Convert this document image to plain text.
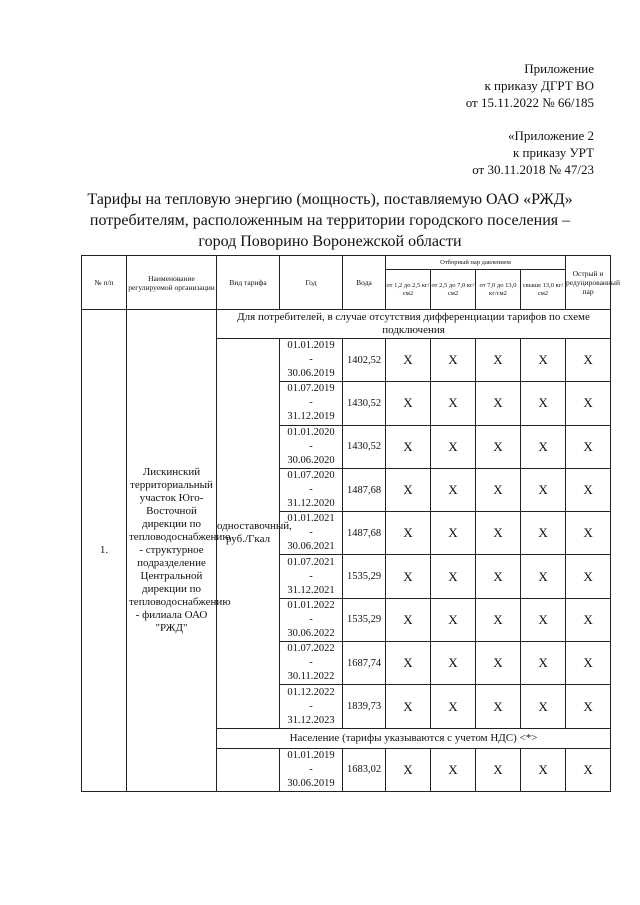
Приложение
к приказу ДГРТ ВО
от 15.11.2022 № 66/185
«Приложение 2
к приказу УРТ
от 30.11.2018 № 47/23
Тарифы на тепловую энергию (мощность), поставляемую ОАО «РЖД» потребителям, расположенным на территории городского поселения – город Поворино Воронежской области
№ п/п	Наименование регулируемой организации	Вид тарифа	Год	Вода	Отборный пар давлением				Острый и редуцированный пар
					от 1,2 до 2,5 кг/см2	от 2,5 до 7,0 кг/см2	от 7,0 до 13,0 кг/см2	свыше 13,0 кг/см2	
1.	Лискинский территориальный участок Юго-Восточной дирекции по тепловодоснабжению - структурное подразделение Центральной дирекции по тепловодоснабжению - филиала ОАО "РЖД"	Для потребителей, в случае отсутствия дифференциации тарифов по схеме подключения							
		одноставочный, руб./Гкал	01.01.2019
-
30.06.2019	1402,52	X	X	X	X	X

			01.07.2019
-
31.12.2019	1430,52	X	X	X	X	X

			01.01.2020
-
30.06.2020	1430,52	X	X	X	X	X

			01.07.2020
-
31.12.2020	1487,68	X	X	X	X	X

			01.01.2021
-
30.06.2021	1487,68	X	X	X	X	X

			01.07.2021
-
31.12.2021	1535,29	X	X	X	X	X

			01.01.2022
-
30.06.2022	1535,29	X	X	X	X	X

			01.07.2022
-
30.11.2022	1687,74	X	X	X	X	X

			01.12.2022
-
31.12.2023	1839,73	X	X	X	X	X
		Население (тарифы указываются с учетом НДС) <*>							

			01.01.2019
-
30.06.2019	1683,02	X	X	X	X	X
